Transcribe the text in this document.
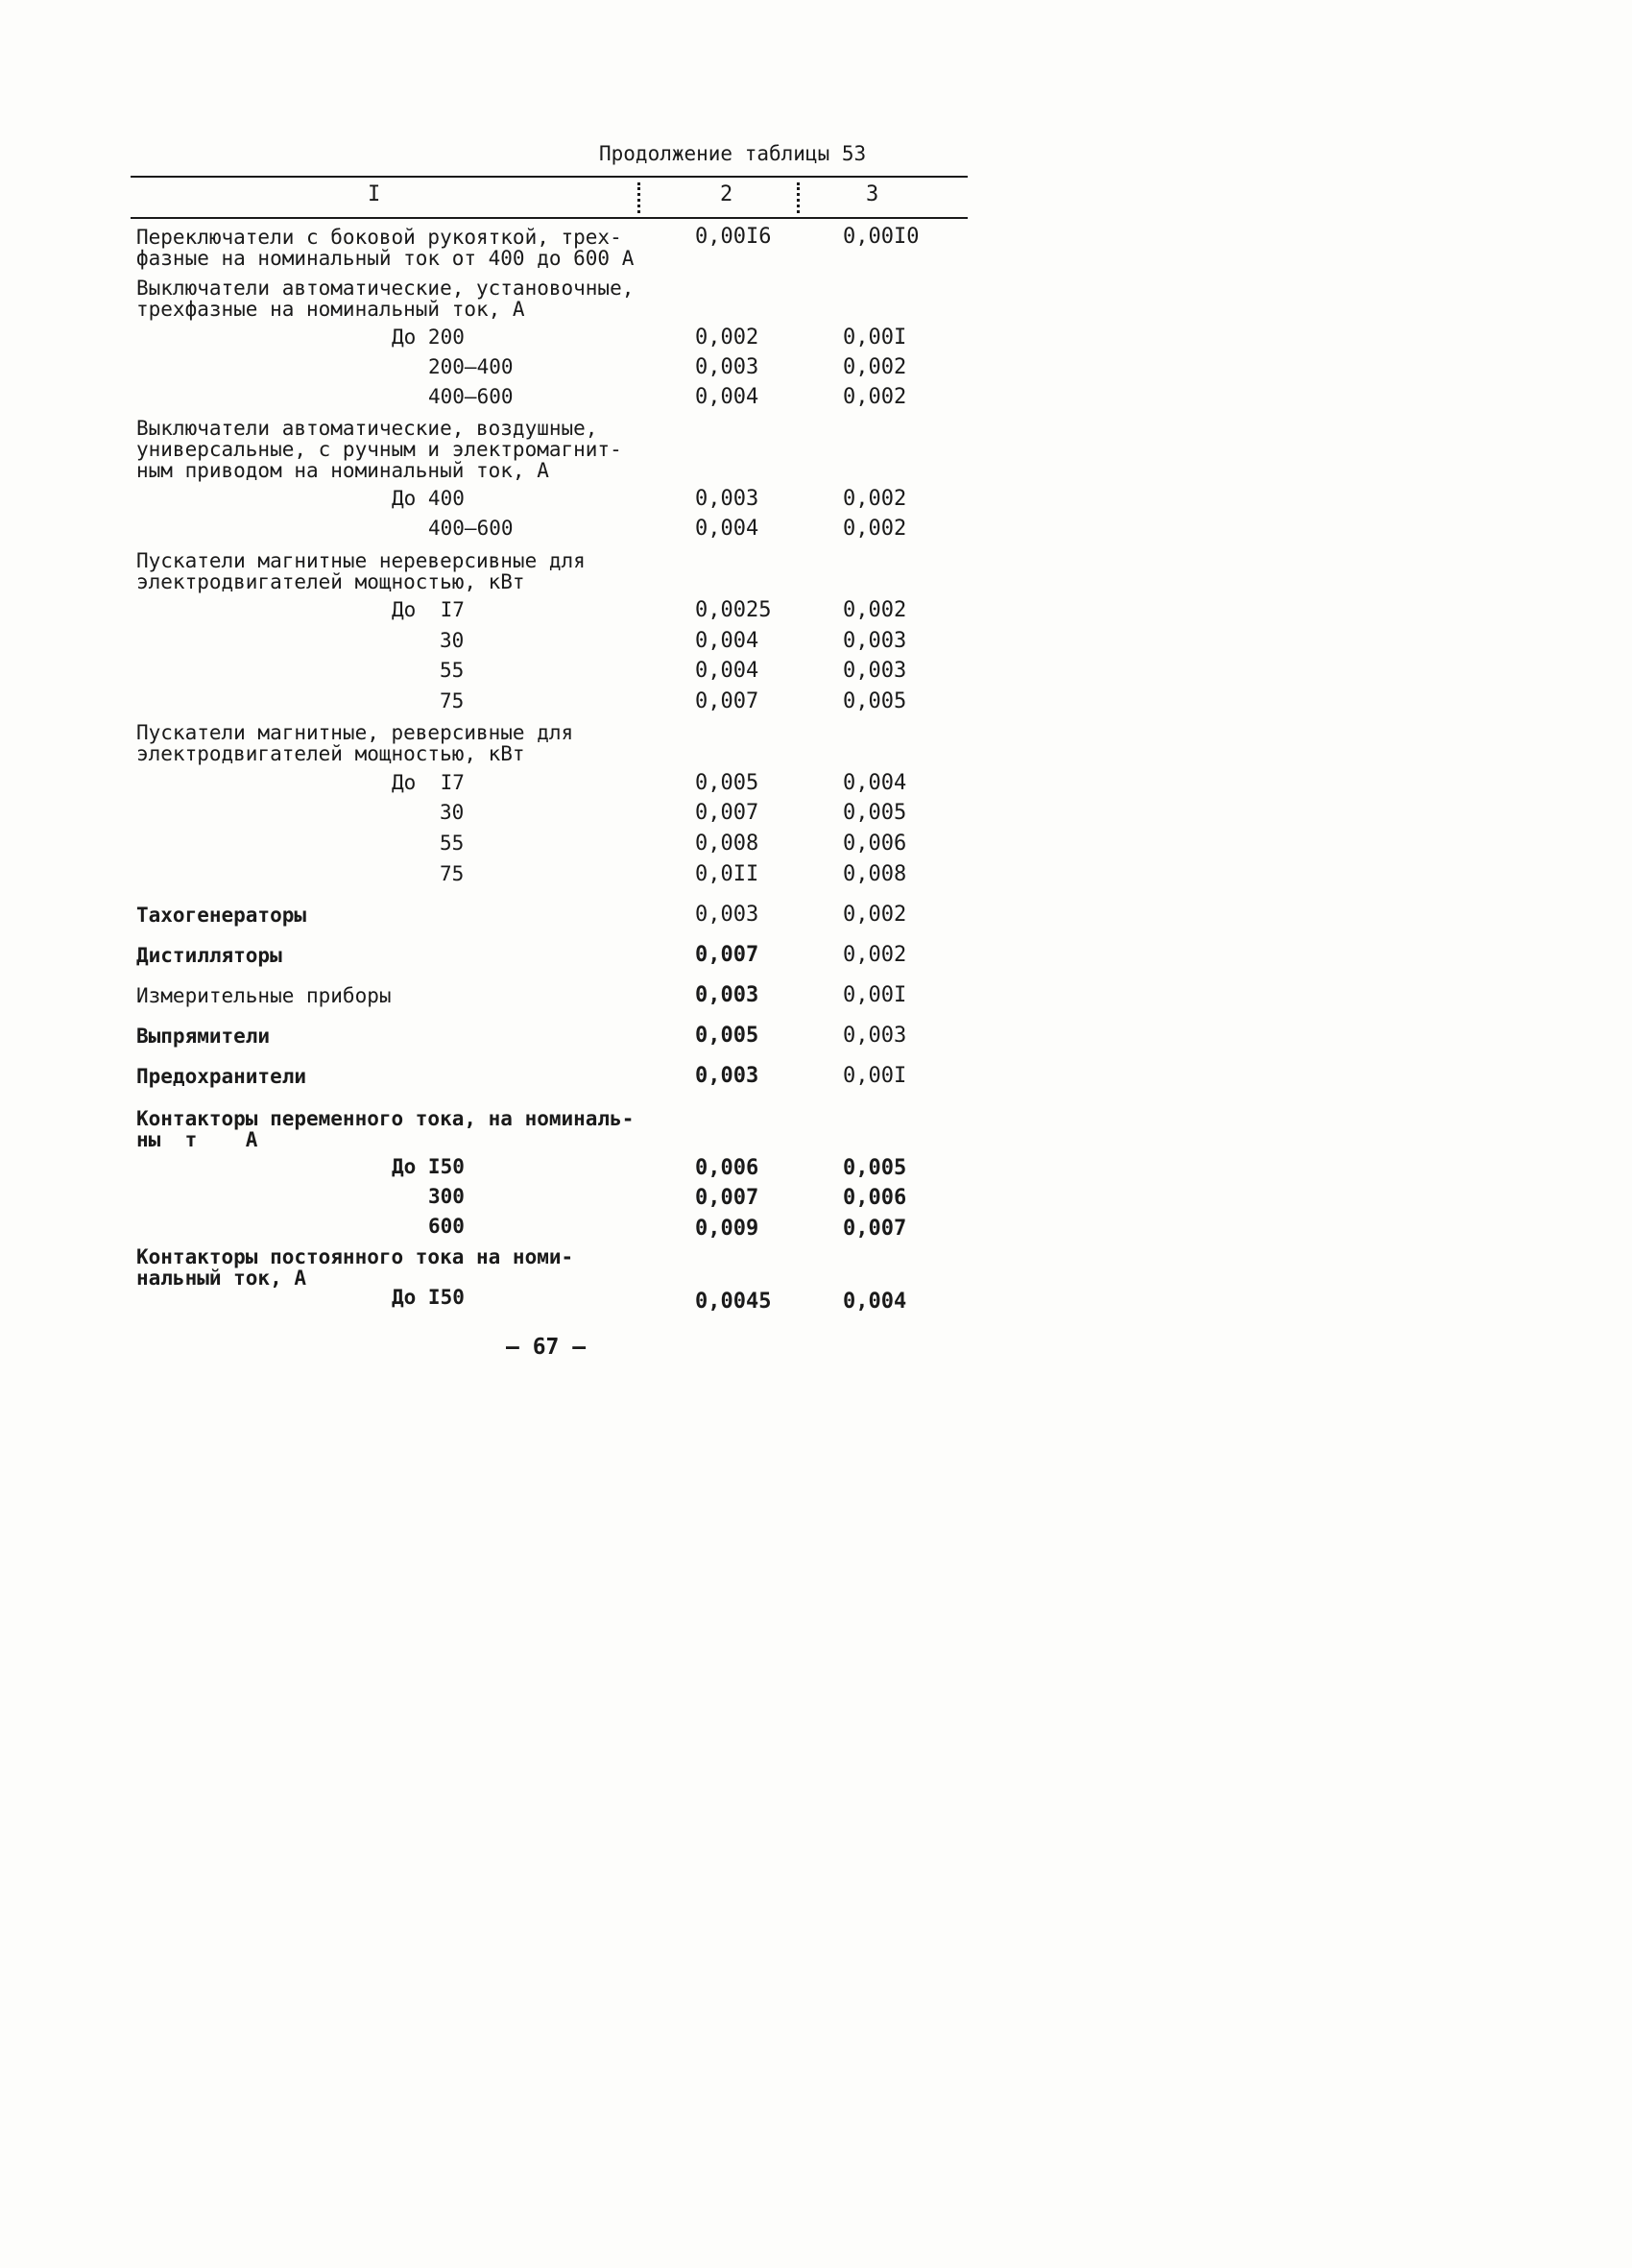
Продолжение таблицы 53
I	2	3
Переключатели с боковой рукояткой, трех-
фазные на номинальный ток от 400 до 600 А
0,00I6	0,00I0
Выключатели автоматические, установочные,
трехфазные на номинальный ток, А
До 200	0,002	0,00I
200–400	0,003	0,002
400–600	0,004	0,002
Выключатели автоматические, воздушные,
универсальные, с ручным и электромагнит-
ным приводом на номинальный ток, А
До 400	0,003	0,002
400–600	0,004	0,002
Пускатели магнитные нереверсивные для
электродвигателей мощностью, кВт
До  I7	0,0025	0,002
30	0,004	0,003
55	0,004	0,003
75	0,007	0,005
Пускатели магнитные, реверсивные для
электродвигателей мощностью, кВт
До  I7	0,005	0,004
30	0,007	0,005
55	0,008	0,006
75	0,0II	0,008
Тахогенераторы	0,003	0,002
Дистилляторы	0,007	0,002
Измерительные приборы	0,003	0,00I
Выпрямители	0,005	0,003
Предохранители	0,003	0,00I
Контакторы переменного тока, на номиналь-
ны  т    А
До I50	0,006	0,005
300	0,007	0,006
600	0,009	0,007
Контакторы постоянного тока на номи-
нальный ток, А
До I50	0,0045	0,004
– 67 –
